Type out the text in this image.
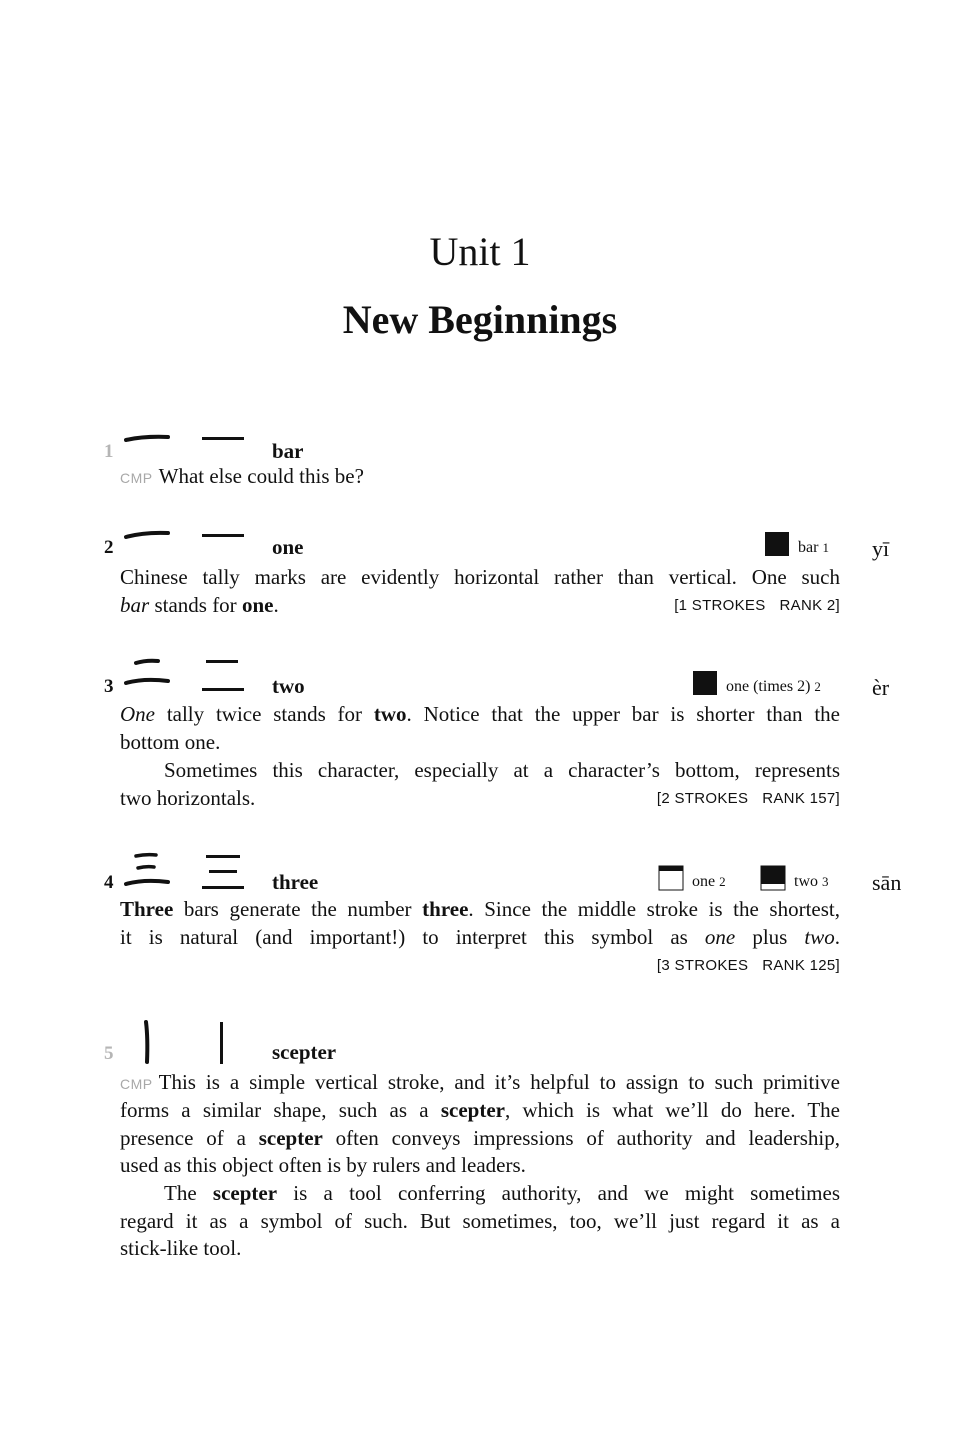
Unit 1
New Beginnings
1	bar
CMP What else could this be?
2	one	bar 1 yī
Chinese tally marks are evidently horizontal rather than vertical. One such
bar stands for one.	[1 STROKES RANK 2]
3	two	one (times 2) 2 èr
One tally twice stands for two. Notice that the upper bar is shorter than the
bottom one.
Sometimes this character, especially at a character’s bottom, represents
two horizontals.	[2 STROKES RANK 157]
4	three	one 2	two 3 sān
Three bars generate the number three. Since the middle stroke is the shortest,
it is natural (and important!) to interpret this symbol as one plus two.
[3 STROKES RANK 125]
5	scepter
CMP This is a simple vertical stroke, and it’s helpful to assign to such primitive
forms a similar shape, such as a scepter, which is what we’ll do here. The
presence of a scepter often conveys impressions of authority and leadership,
used as this object often is by rulers and leaders.
The scepter is a tool conferring authority, and we might sometimes
regard it as a symbol of such. But sometimes, too, we’ll just regard it as a
stick-like tool.
